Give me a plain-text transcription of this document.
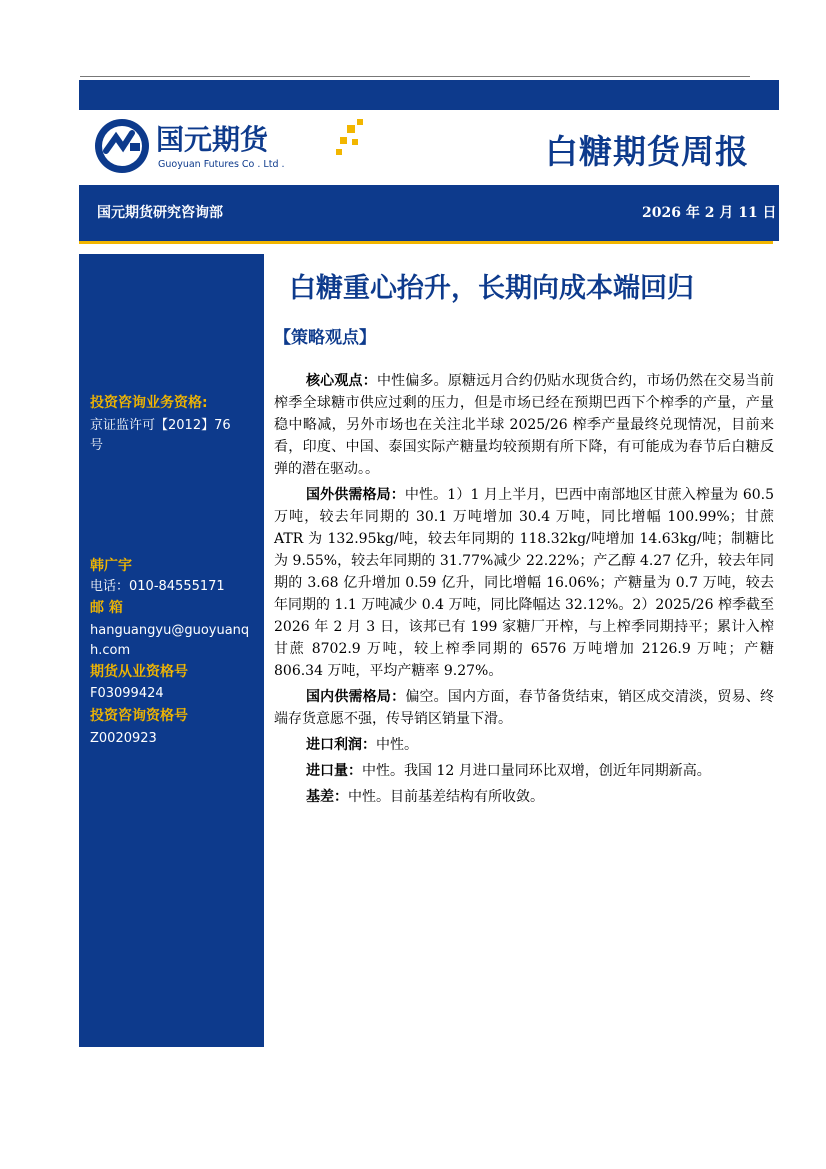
国元期货
Guoyuan Futures Co . Ltd .	白糖期货周报
国元期货研究咨询部	2026 年 2 月 11 日
投资咨询业务资格:
京证监许可【2012】76
号
韩广宇
电话：010-84555171
邮 箱
hanguangyu@guoyuanq
h.com
期货从业资格号
F03099424
投资咨询资格号
Z0020923
白糖重心抬升，长期向成本端回归
【策略观点】

核心观点：中性偏多。原糖远月合约仍贴水现货合约，市场仍然在交易当前榨季全球糖市供应过剩的压力，但是市场已经在预期巴西下个榨季的产量，产量稳中略减，另外市场也在关注北半球 2025/26 榨季产量最终兑现情况，目前来看，印度、中国、泰国实际产糖量均较预期有所下降，有可能成为春节后白糖反弹的潜在驱动。。

国外供需格局：中性。1）1 月上半月，巴西中南部地区甘蔗入榨量为 60.5 万吨，较去年同期的 30.1 万吨增加 30.4 万吨，同比增幅 100.99%；甘蔗 ATR 为 132.95kg/吨，较去年同期的 118.32kg/吨增加 14.63kg/吨；制糖比为 9.55%，较去年同期的 31.77%减少 22.22%；产乙醇 4.27 亿升，较去年同期的 3.68 亿升增加 0.59 亿升，同比增幅 16.06%；产糖量为 0.7 万吨，较去年同期的 1.1 万吨减少 0.4 万吨，同比降幅达 32.12%。2）2025/26 榨季截至 2026 年 2 月 3 日，该邦已有 199 家糖厂开榨，与上榨季同期持平；累计入榨甘蔗 8702.9 万吨，较上榨季同期的 6576 万吨增加 2126.9 万吨；产糖 806.34 万吨，平均产糖率 9.27%。

国内供需格局：偏空。国内方面，春节备货结束，销区成交清淡，贸易、终端存货意愿不强，传导销区销量下滑。

进口利润：中性。

进口量：中性。我国 12 月进口量同环比双增，创近年同期新高。

基差：中性。目前基差结构有所收敛。
